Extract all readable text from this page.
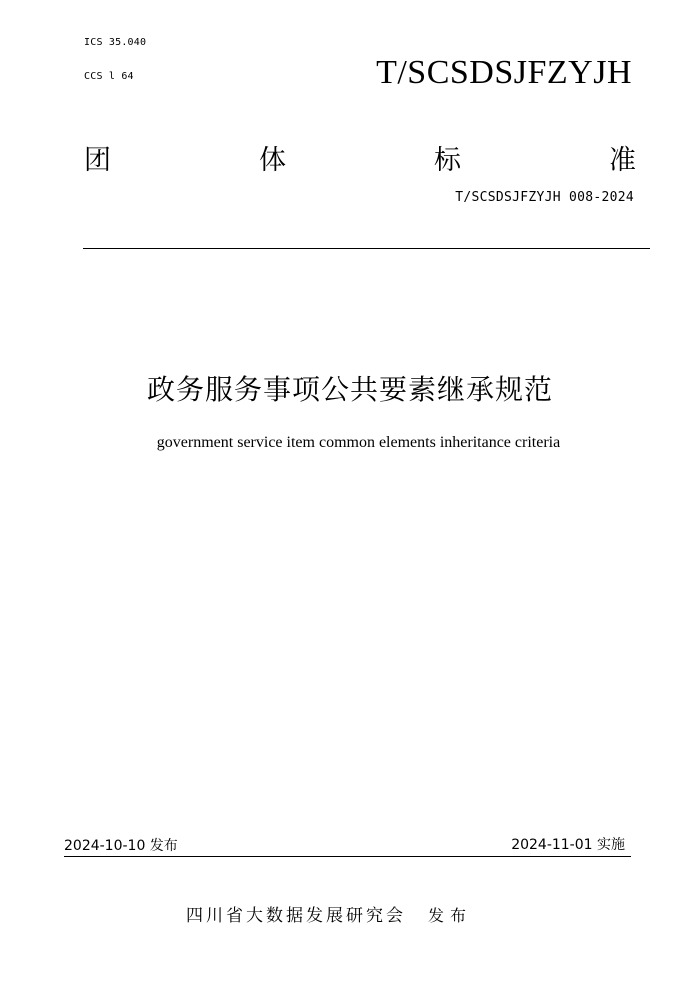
ICS 35.040
CCS l 64	T/SCSDSJFZYJH
团	体	标	准
T/SCSDSJFZYJH 008-2024
政务服务事项公共要素继承规范
government service item common elements inheritance criteria
2024-10-10 发布	2024-11-01 实施
四川省大数据发展研究会 发布
